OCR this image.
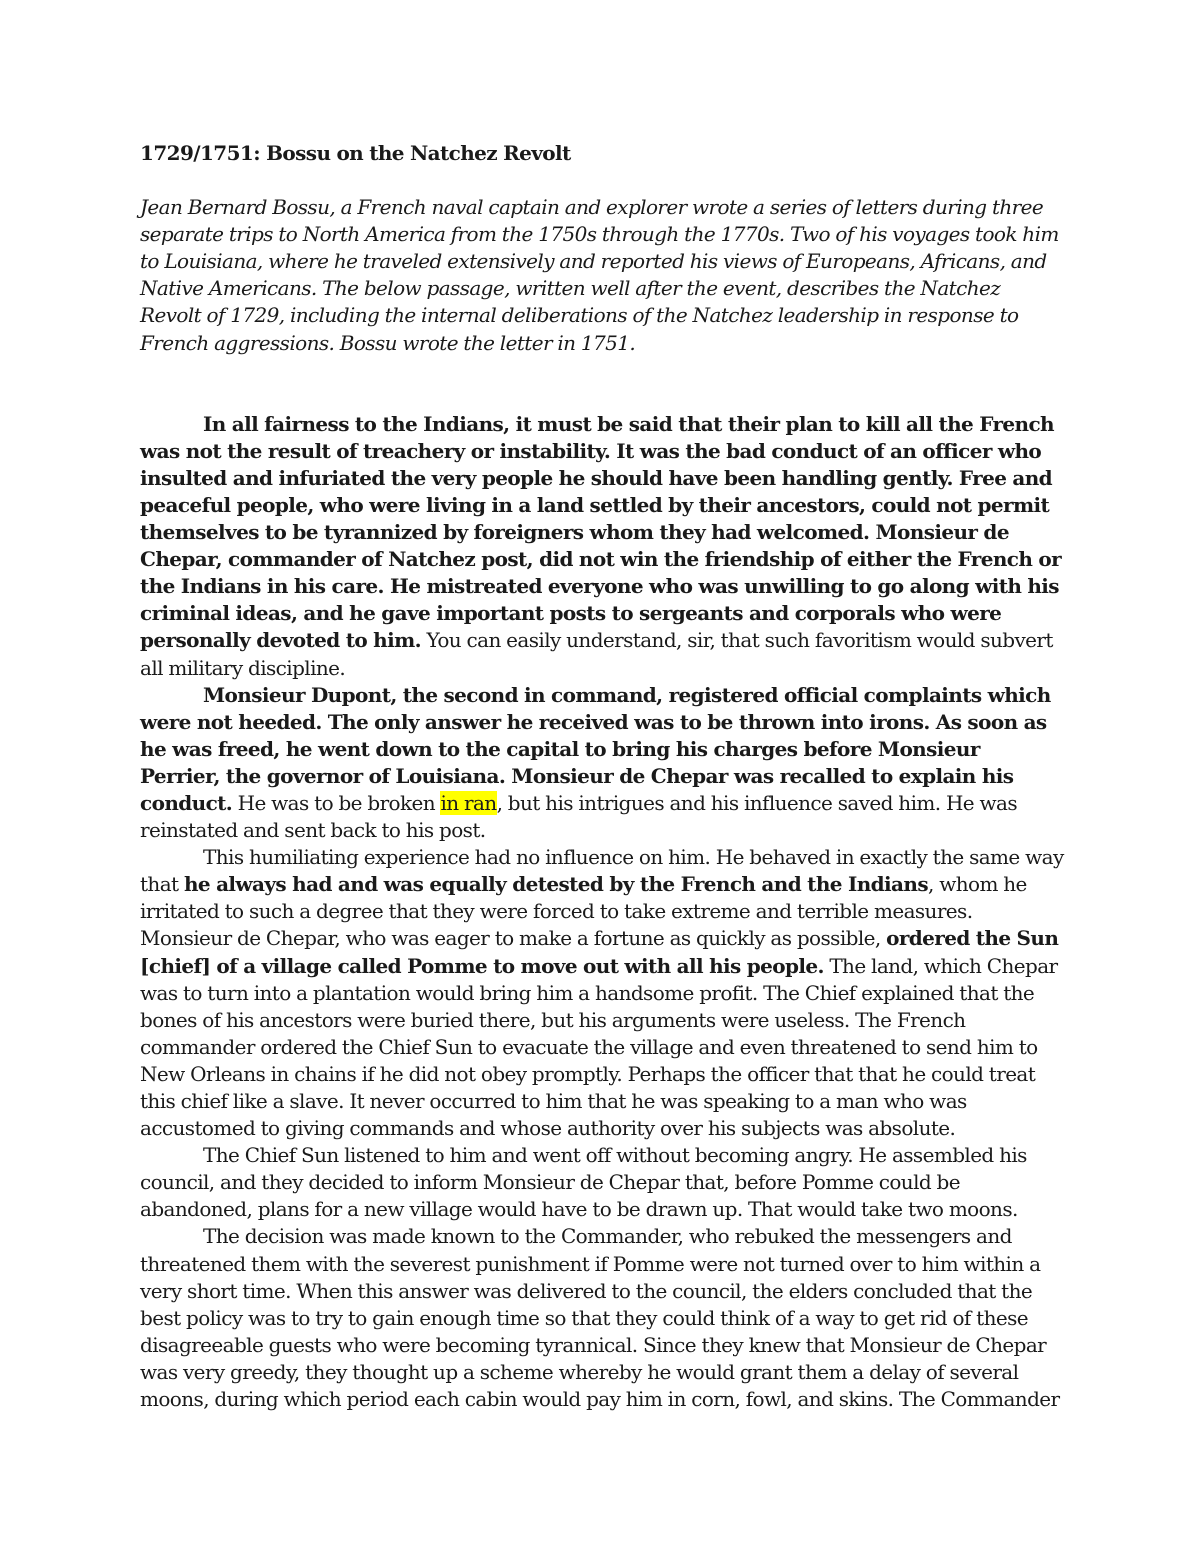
1729/1751: Bossu on the Natchez Revolt

Jean Bernard Bossu, a French naval captain and explorer wrote a series of letters during three separate trips to North America from the 1750s through the 1770s. Two of his voyages took him to Louisiana, where he traveled extensively and reported his views of Europeans, Africans, and Native Americans. The below passage, written well after the event, describes the Natchez Revolt of 1729, including the internal deliberations of the Natchez leadership in response to French aggressions. Bossu wrote the letter in 1751.

In all fairness to the Indians, it must be said that their plan to kill all the French was not the result of treachery or instability. It was the bad conduct of an officer who insulted and infuriated the very people he should have been handling gently. Free and peaceful people, who were living in a land settled by their ancestors, could not permit themselves to be tyrannized by foreigners whom they had welcomed. Monsieur de Chepar, commander of Natchez post, did not win the friendship of either the French or the Indians in his care. He mistreated everyone who was unwilling to go along with his criminal ideas, and he gave important posts to sergeants and corporals who were personally devoted to him. You can easily understand, sir, that such favoritism would subvert all military discipline.

Monsieur Dupont, the second in command, registered official complaints which were not heeded. The only answer he received was to be thrown into irons. As soon as he was freed, he went down to the capital to bring his charges before Monsieur Perrier, the governor of Louisiana. Monsieur de Chepar was recalled to explain his conduct. He was to be broken in ran, but his intrigues and his influence saved him. He was reinstated and sent back to his post.

This humiliating experience had no influence on him. He behaved in exactly the same way that he always had and was equally detested by the French and the Indians, whom he irritated to such a degree that they were forced to take extreme and terrible measures. Monsieur de Chepar, who was eager to make a fortune as quickly as possible, ordered the Sun [chief] of a village called Pomme to move out with all his people. The land, which Chepar was to turn into a plantation would bring him a handsome profit. The Chief explained that the bones of his ancestors were buried there, but his arguments were useless. The French commander ordered the Chief Sun to evacuate the village and even threatened to send him to New Orleans in chains if he did not obey promptly. Perhaps the officer that that he could treat this chief like a slave. It never occurred to him that he was speaking to a man who was accustomed to giving commands and whose authority over his subjects was absolute.

The Chief Sun listened to him and went off without becoming angry. He assembled his council, and they decided to inform Monsieur de Chepar that, before Pomme could be abandoned, plans for a new village would have to be drawn up. That would take two moons.

The decision was made known to the Commander, who rebuked the messengers and threatened them with the severest punishment if Pomme were not turned over to him within a very short time. When this answer was delivered to the council, the elders concluded that the best policy was to try to gain enough time so that they could think of a way to get rid of these disagreeable guests who were becoming tyrannical. Since they knew that Monsieur de Chepar was very greedy, they thought up a scheme whereby he would grant them a delay of several moons, during which period each cabin would pay him in corn, fowl, and skins. The Commander
